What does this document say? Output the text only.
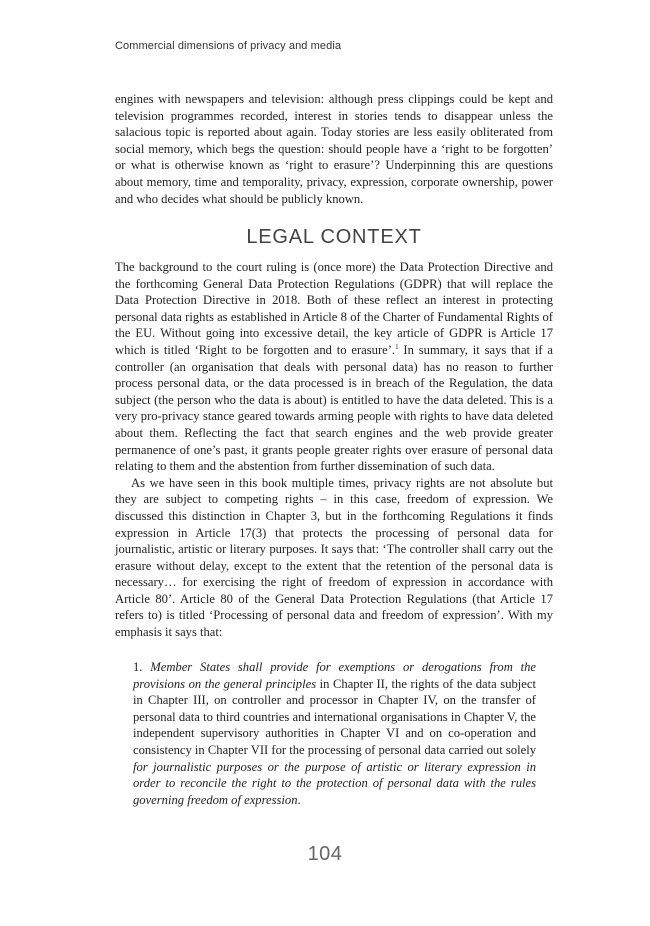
Commercial dimensions of privacy and media

engines with newspapers and television: although press clippings could be kept and television programmes recorded, interest in stories tends to disappear unless the salacious topic is reported about again. Today stories are less easily obliterated from social memory, which begs the question: should people have a ‘right to be forgotten’ or what is otherwise known as ‘right to erasure’? Underpinning this are questions about memory, time and temporality, privacy, expression, corporate ownership, power and who decides what should be publicly known.

LEGAL CONTEXT

The background to the court ruling is (once more) the Data Protection Directive and the forthcoming General Data Protection Regulations (GDPR) that will replace the Data Protection Directive in 2018. Both of these reflect an interest in protecting personal data rights as established in Article 8 of the Charter of Fundamental Rights of the EU. Without going into excessive detail, the key article of GDPR is Article 17 which is titled ‘Right to be forgotten and to erasure’.$^1$ In summary, it says that if a controller (an organisation that deals with personal data) has no reason to further process personal data, or the data processed is in breach of the Regulation, the data subject (the person who the data is about) is entitled to have the data deleted. This is a very pro-privacy stance geared towards arming people with rights to have data deleted about them. Reflecting the fact that search engines and the web provide greater permanence of one’s past, it grants people greater rights over erasure of personal data relating to them and the abstention from further dissemination of such data.

As we have seen in this book multiple times, privacy rights are not absolute but they are subject to competing rights – in this case, freedom of expression. We discussed this distinction in Chapter 3, but in the forthcoming Regulations it finds expression in Article 17(3) that protects the processing of personal data for journalistic, artistic or literary purposes. It says that: ‘The controller shall carry out the erasure without delay, except to the extent that the retention of the personal data is necessary… for exercising the right of freedom of expression in accordance with Article 80’. Article 80 of the General Data Protection Regulations (that Article 17 refers to) is titled ‘Processing of personal data and freedom of expression’. With my emphasis it says that:

1. Member States shall provide for exemptions or derogations from the provisions on the general principles in Chapter II, the rights of the data subject in Chapter III, on controller and processor in Chapter IV, on the transfer of personal data to third countries and international organisations in Chapter V, the independent supervisory authorities in Chapter VI and on co-operation and consistency in Chapter VII for the processing of personal data carried out solely for journalistic purposes or the purpose of artistic or literary expression in order to reconcile the right to the protection of personal data with the rules governing freedom of expression.

104
